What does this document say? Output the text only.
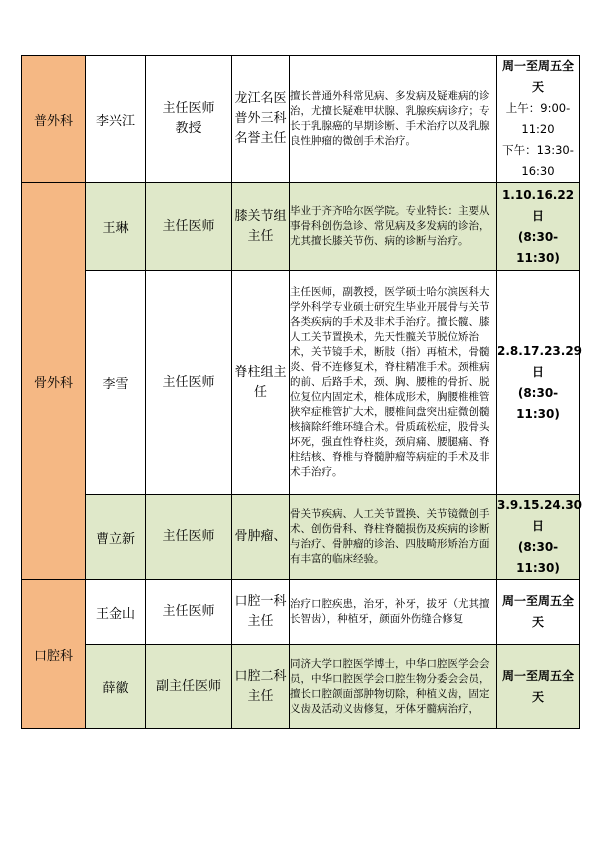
普外科	李兴江	主任医师
教授	龙江名医
普外三科
名誉主任	擅长普通外科常见病、多发病及疑难病的诊治，尤擅长疑难甲状腺、乳腺疾病诊疗；专长于乳腺癌的早期诊断、手术治疗以及乳腺良性肿瘤的微创手术治疗。	周一至周五全天
上午：9:00-11:20
下午：13:30-16:30

骨外科	王琳	主任医师	膝关节组
主任	毕业于齐齐哈尔医学院。专业特长：主要从事骨科创伤急诊、常见病及多发病的诊治，尤其擅长膝关节伤、病的诊断与治疗。	1.10.16.22 日
(8:30-11:30)

	李雪	主任医师	脊柱组主
任	主任医师，副教授，医学硕士哈尔滨医科大学外科学专业硕士研究生毕业开展骨与关节各类疾病的手术及非术手治疗。擅长髋、膝人工关节置换术，先天性髋关节脱位矫治术，关节镜手术，断肢（指）再植术，骨髓炎、骨不连修复术，脊柱精准手术。颈椎病的前、后路手术，颈、胸、腰椎的骨折、脱位复位内固定术，椎体成形术，胸腰椎椎管狭窄症椎管扩大术，腰椎间盘突出症微创髓核摘除纤维环缝合术。骨质疏松症，股骨头坏死，强直性脊柱炎，颈肩痛、腰腿痛、脊柱结核、脊椎与脊髓肿瘤等病症的手术及非术手治疗。	2.8.17.23.29 日
(8:30-11:30)

	曹立新	主任医师	骨肿瘤、	骨关节疾病、人工关节置换、关节镜微创手术、创伤骨科、脊柱脊髓损伤及疾病的诊断与治疗、骨肿瘤的诊治、四肢畸形矫治方面有丰富的临床经验。	3.9.15.24.30 日
(8:30-11:30)

口腔科	王金山	主任医师	口腔一科
主任	治疗口腔疾患，治牙，补牙，拔牙（尤其擅长智齿），种植牙，颜面外伤缝合修复	周一至周五全天
	薛徽	副主任医师	口腔二科
主任	同济大学口腔医学博士，中华口腔医学会会员，中华口腔医学会口腔生物分委会会员，擅长口腔颌面部肿物切除，种植义齿，固定义齿及活动义齿修复，牙体牙髓病治疗，	周一至周五全天
